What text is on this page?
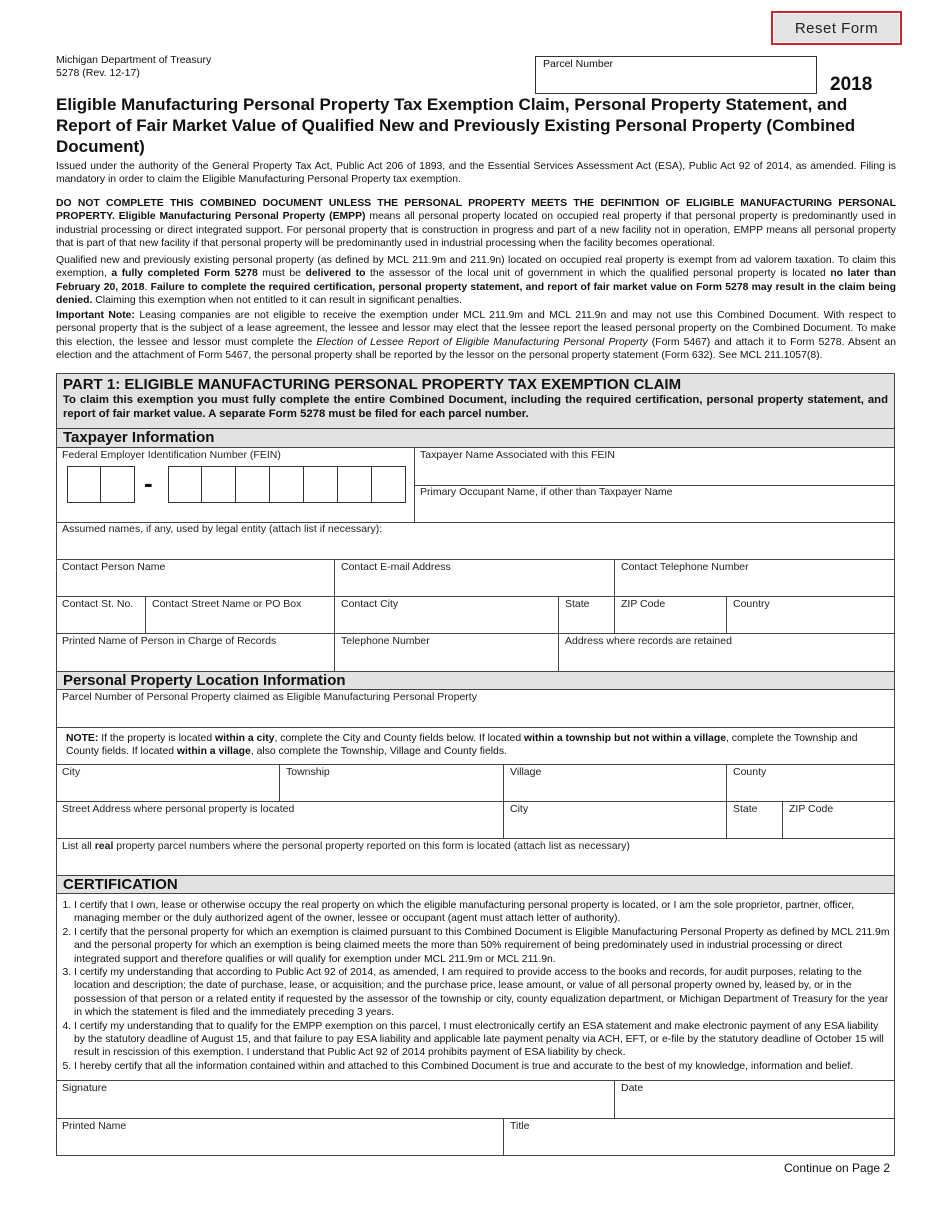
Reset Form
Michigan Department of Treasury
5278 (Rev. 12-17)
Parcel Number
2018
Eligible Manufacturing Personal Property Tax Exemption Claim, Personal Property Statement, and Report of Fair Market Value of Qualified New and Previously Existing Personal Property (Combined Document)
Issued under the authority of the General Property Tax Act, Public Act 206 of 1893, and the Essential Services Assessment Act (ESA), Public Act 92 of 2014, as amended. Filing is mandatory in order to claim the Eligible Manufacturing Personal Property tax exemption.
DO NOT COMPLETE THIS COMBINED DOCUMENT UNLESS THE PERSONAL PROPERTY MEETS THE DEFINITION OF ELIGIBLE MANUFACTURING PERSONAL PROPERTY. Eligible Manufacturing Personal Property (EMPP) means all personal property located on occupied real property if that personal property is predominantly used in industrial processing or direct integrated support. For personal property that is construction in progress and part of a new facility not in operation, EMPP means all personal property that is part of that new facility if that personal property will be predominantly used in industrial processing when the facility becomes operational.
Qualified new and previously existing personal property (as defined by MCL 211.9m and 211.9n) located on occupied real property is exempt from ad valorem taxation. To claim this exemption, a fully completed Form 5278 must be delivered to the assessor of the local unit of government in which the qualified personal property is located no later than February 20, 2018. Failure to complete the required certification, personal property statement, and report of fair market value on Form 5278 may result in the claim being denied. Claiming this exemption when not entitled to it can result in significant penalties.
Important Note: Leasing companies are not eligible to receive the exemption under MCL 211.9m and MCL 211.9n and may not use this Combined Document. With respect to personal property that is the subject of a lease agreement, the lessee and lessor may elect that the lessee report the leased personal property on the Combined Document. To make this election, the lessee and lessor must complete the Election of Lessee Report of Eligible Manufacturing Personal Property (Form 5467) and attach it to Form 5278. Absent an election and the attachment of Form 5467, the personal property shall be reported by the lessor on the personal property statement (Form 632). See MCL 211.1057(8).
PART 1: ELIGIBLE MANUFACTURING PERSONAL PROPERTY TAX EXEMPTION CLAIM
To claim this exemption you must fully complete the entire Combined Document, including the required certification, personal property statement, and report of fair market value. A separate Form 5278 must be filed for each parcel number.
Taxpayer Information
Federal Employer Identification Number (FEIN)
-
Taxpayer Name Associated with this FEIN
Primary Occupant Name, if other than Taxpayer Name
Assumed names, if any, used by legal entity (attach list if necessary):
Contact Person Name	Contact E-mail Address	Contact Telephone Number
Contact St. No. Contact Street Name or PO Box	Contact City	State	ZIP Code	Country
Printed Name of Person in Charge of Records	Telephone Number	Address where records are retained
Personal Property Location Information
Parcel Number of Personal Property claimed as Eligible Manufacturing Personal Property
NOTE: If the property is located within a city, complete the City and County fields below. If located within a township but not within a village, complete the Township and County fields. If located within a village, also complete the Township, Village and County fields.
City	Township	Village	County
Street Address where personal property is located	City	State	ZIP Code
List all real property parcel numbers where the personal property reported on this form is located (attach list as necessary)
CERTIFICATION
1. I certify that I own, lease or otherwise occupy the real property on which the eligible manufacturing personal property is located, or I am the sole proprietor, partner, officer, managing member or the duly authorized agent of the owner, lessee or occupant (agent must attach letter of authority).
2. I certify that the personal property for which an exemption is claimed pursuant to this Combined Document is Eligible Manufacturing Personal Property as defined by MCL 211.9m and the personal property for which an exemption is being claimed meets the more than 50% requirement of being predominately used in industrial processing or direct integrated support and therefore qualifies or will qualify for exemption under MCL 211.9m or MCL 211.9n.
3. I certify my understanding that according to Public Act 92 of 2014, as amended, I am required to provide access to the books and records, for audit purposes, relating to the location and description; the date of purchase, lease, or acquisition; and the purchase price, lease amount, or value of all personal property owned by, leased by, or in the possession of that person or a related entity if requested by the assessor of the township or city, county equalization department, or Michigan Department of Treasury for the year in which the statement is filed and the immediately preceding 3 years.
4. I certify my understanding that to qualify for the EMPP exemption on this parcel, I must electronically certify an ESA statement and make electronic payment of any ESA liability by the statutory deadline of August 15, and that failure to pay ESA liability and applicable late payment penalty via ACH, EFT, or e-file by the statutory deadline of October 15 will result in rescission of this exemption. I understand that Public Act 92 of 2014 prohibits payment of ESA liability by check.
5. I hereby certify that all the information contained within and attached to this Combined Document is true and accurate to the best of my knowledge, information and belief.
Signature	Date
Printed Name	Title
Continue on Page 2
